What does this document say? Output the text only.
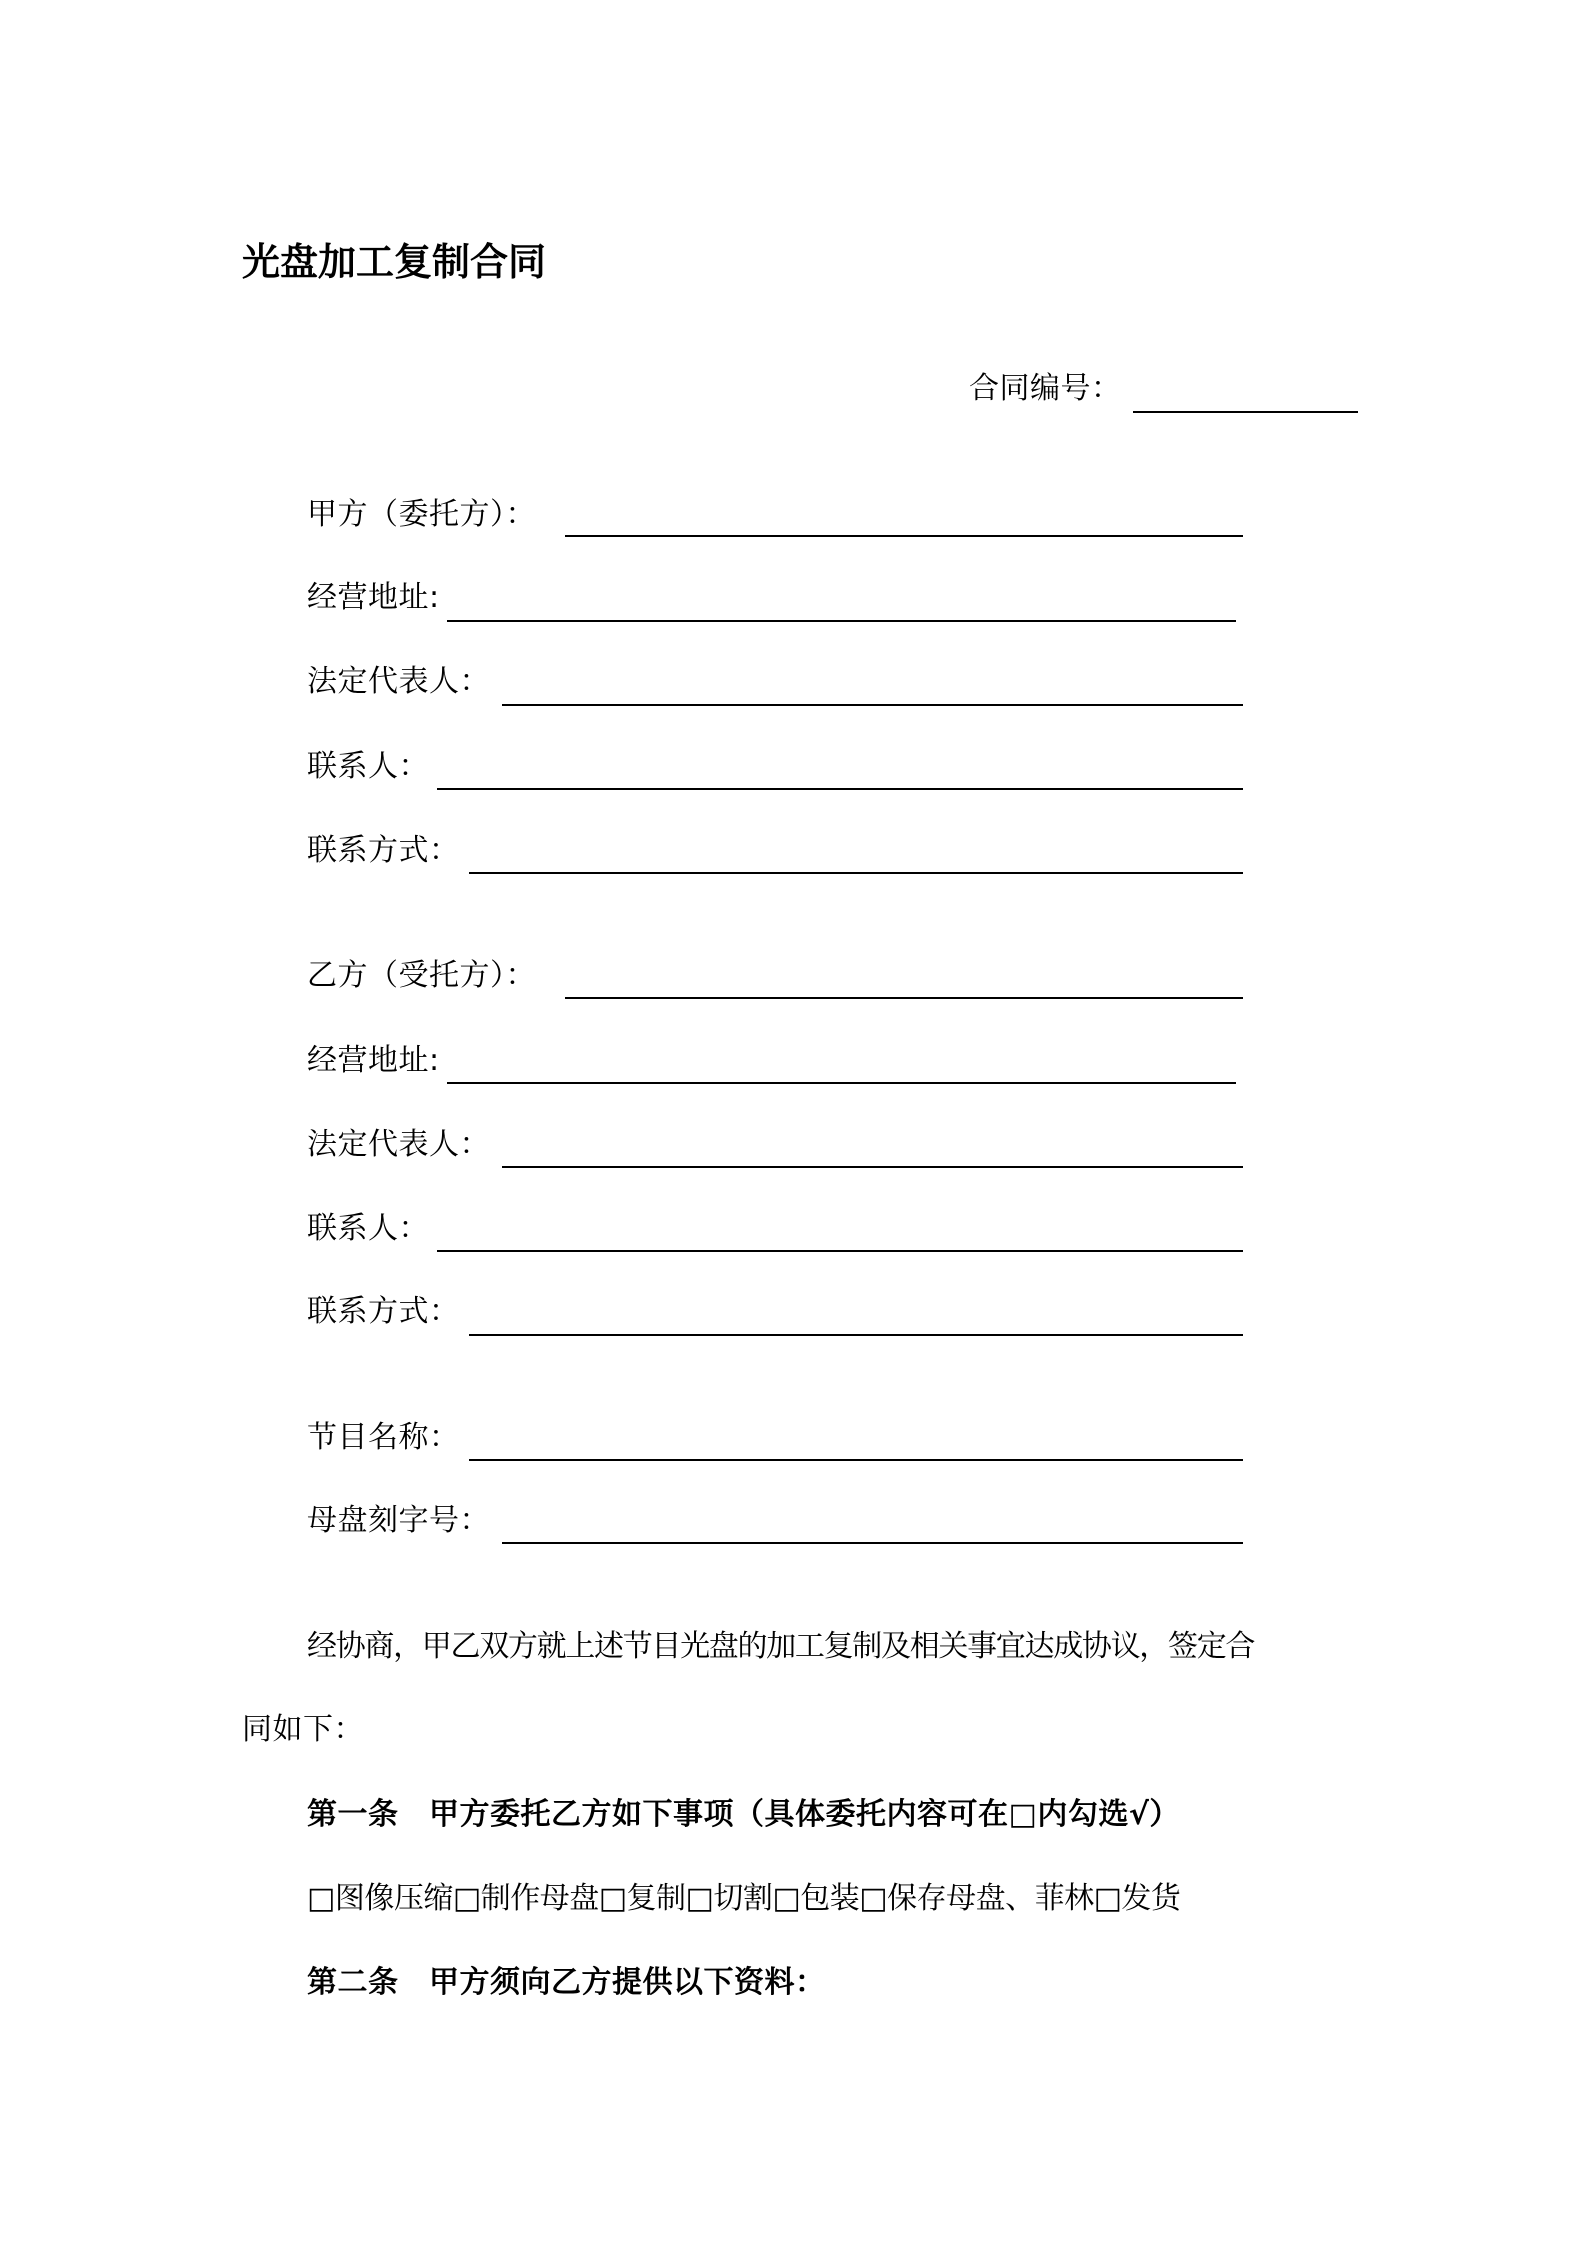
光盘加工复制合同
合同编号：
甲方（委托方）：
经营地址:
法定代表人：
联系人：
联系方式：
乙方（受托方）：
经营地址:
法定代表人：
联系人：
联系方式：
节目名称：
母盘刻字号：
经协商，甲乙双方就上述节目光盘的加工复制及相关事宜达成协议，签定合
同如下：
第一条　甲方委托乙方如下事项（具体委托内容可在□内勾选√）
□图像压缩□制作母盘□复制□切割□包装□保存母盘、菲林□发货
第二条　甲方须向乙方提供以下资料：
